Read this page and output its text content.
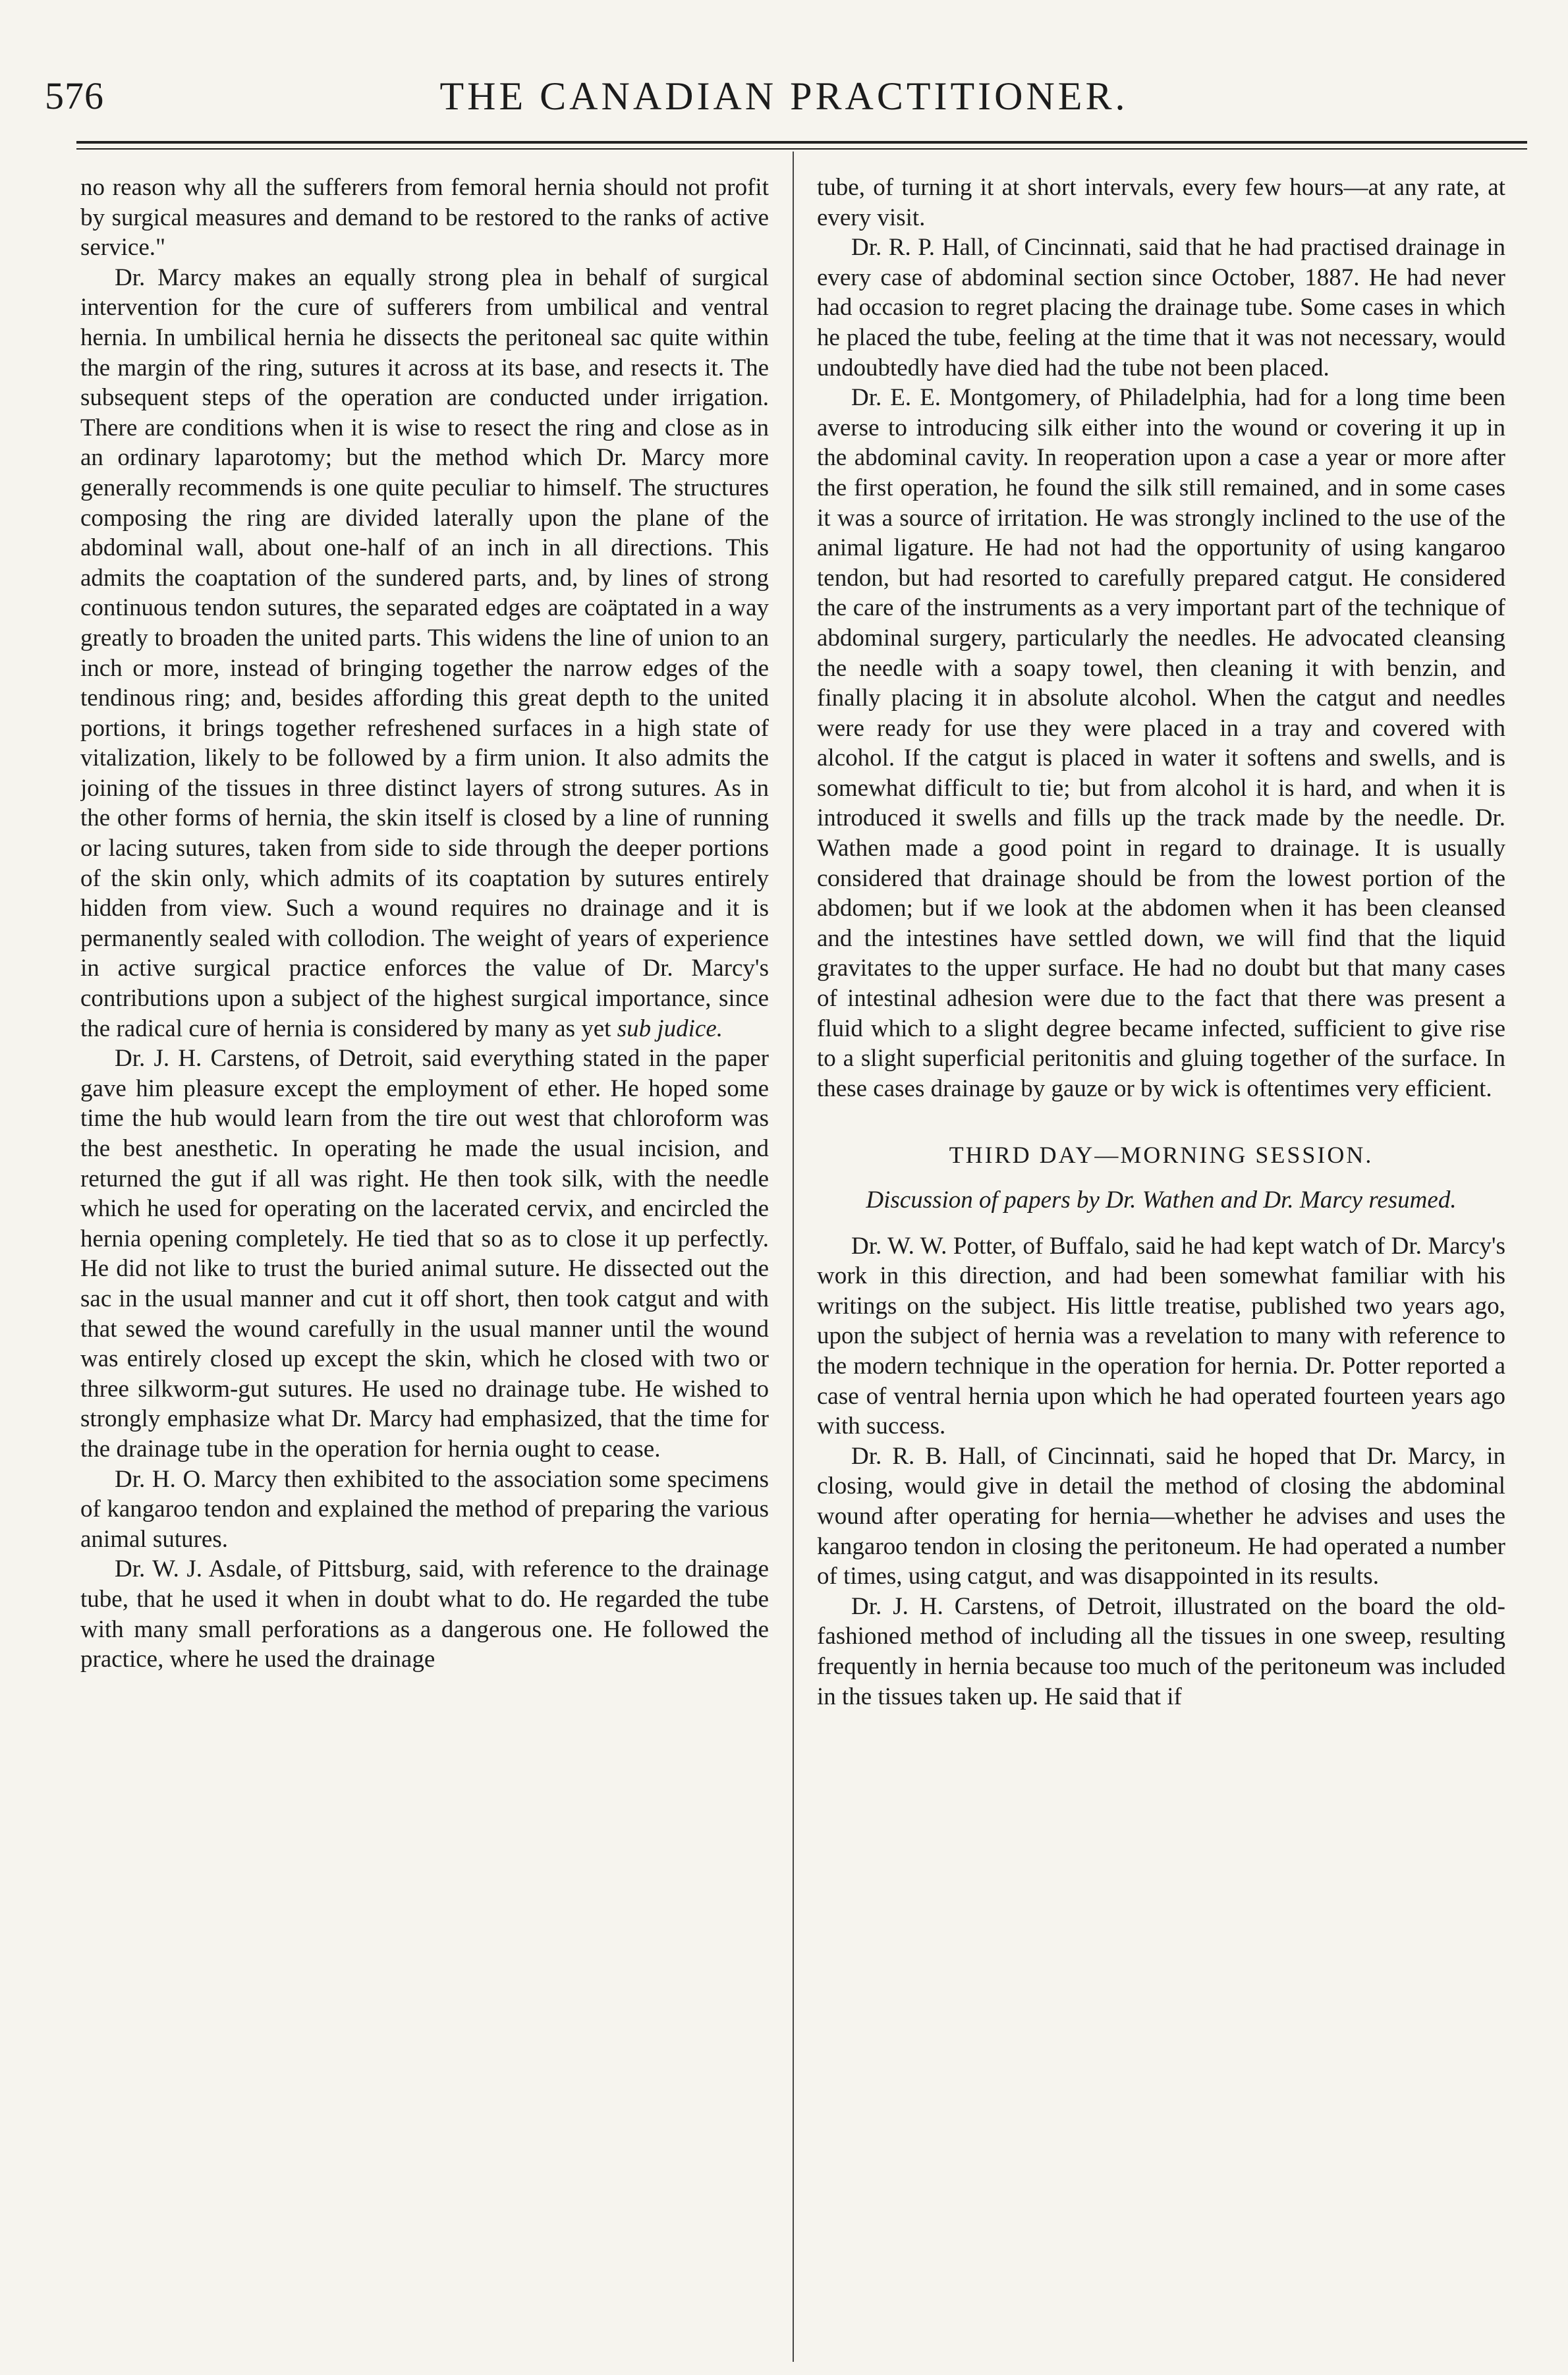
576	THE CANADIAN PRACTITIONER.

no reason why all the sufferers from femoral hernia should not profit by surgical measures and demand to be restored to the ranks of active service."

Dr. Marcy makes an equally strong plea in behalf of surgical intervention for the cure of sufferers from umbilical and ventral hernia. In umbilical hernia he dissects the peritoneal sac quite within the margin of the ring, sutures it across at its base, and resects it. The subsequent steps of the operation are conducted under irrigation. There are conditions when it is wise to resect the ring and close as in an ordinary laparotomy; but the method which Dr. Marcy more generally recommends is one quite peculiar to himself. The structures composing the ring are divided laterally upon the plane of the abdominal wall, about one-half of an inch in all directions. This admits the coaptation of the sundered parts, and, by lines of strong continuous tendon sutures, the separated edges are coäptated in a way greatly to broaden the united parts. This widens the line of union to an inch or more, instead of bringing together the narrow edges of the tendinous ring; and, besides affording this great depth to the united portions, it brings together refreshened surfaces in a high state of vitalization, likely to be followed by a firm union. It also admits the joining of the tissues in three distinct layers of strong sutures. As in the other forms of hernia, the skin itself is closed by a line of running or lacing sutures, taken from side to side through the deeper portions of the skin only, which admits of its coaptation by sutures entirely hidden from view. Such a wound requires no drainage and it is permanently sealed with collodion. The weight of years of experience in active surgical practice enforces the value of Dr. Marcy's contributions upon a subject of the highest surgical importance, since the radical cure of hernia is considered by many as yet sub judice.

Dr. J. H. Carstens, of Detroit, said everything stated in the paper gave him pleasure except the employment of ether. He hoped some time the hub would learn from the tire out west that chloroform was the best anesthetic. In operating he made the usual incision, and returned the gut if all was right. He then took silk, with the needle which he used for operating on the lacerated cervix, and encircled the hernia opening completely. He tied that so as to close it up perfectly. He did not like to trust the buried animal suture. He dissected out the sac in the usual manner and cut it off short, then took catgut and with that sewed the wound carefully in the usual manner until the wound was entirely closed up except the skin, which he closed with two or three silkworm-gut sutures. He used no drainage tube. He wished to strongly emphasize what Dr. Marcy had emphasized, that the time for the drainage tube in the operation for hernia ought to cease.

Dr. H. O. Marcy then exhibited to the association some specimens of kangaroo tendon and explained the method of preparing the various animal sutures.

Dr. W. J. Asdale, of Pittsburg, said, with reference to the drainage tube, that he used it when in doubt what to do. He regarded the tube with many small perforations as a dangerous one. He followed the practice, where he used the drainage

tube, of turning it at short intervals, every few hours—at any rate, at every visit.

Dr. R. P. Hall, of Cincinnati, said that he had practised drainage in every case of abdominal section since October, 1887. He had never had occasion to regret placing the drainage tube. Some cases in which he placed the tube, feeling at the time that it was not necessary, would undoubtedly have died had the tube not been placed.

Dr. E. E. Montgomery, of Philadelphia, had for a long time been averse to introducing silk either into the wound or covering it up in the abdominal cavity. In reoperation upon a case a year or more after the first operation, he found the silk still remained, and in some cases it was a source of irritation. He was strongly inclined to the use of the animal ligature. He had not had the opportunity of using kangaroo tendon, but had resorted to carefully prepared catgut. He considered the care of the instruments as a very important part of the technique of abdominal surgery, particularly the needles. He advocated cleansing the needle with a soapy towel, then cleaning it with benzin, and finally placing it in absolute alcohol. When the catgut and needles were ready for use they were placed in a tray and covered with alcohol. If the catgut is placed in water it softens and swells, and is somewhat difficult to tie; but from alcohol it is hard, and when it is introduced it swells and fills up the track made by the needle. Dr. Wathen made a good point in regard to drainage. It is usually considered that drainage should be from the lowest portion of the abdomen; but if we look at the abdomen when it has been cleansed and the intestines have settled down, we will find that the liquid gravitates to the upper surface. He had no doubt but that many cases of intestinal adhesion were due to the fact that there was present a fluid which to a slight degree became infected, sufficient to give rise to a slight superficial peritonitis and gluing together of the surface. In these cases drainage by gauze or by wick is oftentimes very efficient.

THIRD DAY—MORNING SESSION.
Discussion of papers by Dr. Wathen and Dr. Marcy resumed.

Dr. W. W. Potter, of Buffalo, said he had kept watch of Dr. Marcy's work in this direction, and had been somewhat familiar with his writings on the subject. His little treatise, published two years ago, upon the subject of hernia was a revelation to many with reference to the modern technique in the operation for hernia. Dr. Potter reported a case of ventral hernia upon which he had operated fourteen years ago with success.

Dr. R. B. Hall, of Cincinnati, said he hoped that Dr. Marcy, in closing, would give in detail the method of closing the abdominal wound after operating for hernia—whether he advises and uses the kangaroo tendon in closing the peritoneum. He had operated a number of times, using catgut, and was disappointed in its results.

Dr. J. H. Carstens, of Detroit, illustrated on the board the old-fashioned method of including all the tissues in one sweep, resulting frequently in hernia because too much of the peritoneum was included in the tissues taken up. He said that if
